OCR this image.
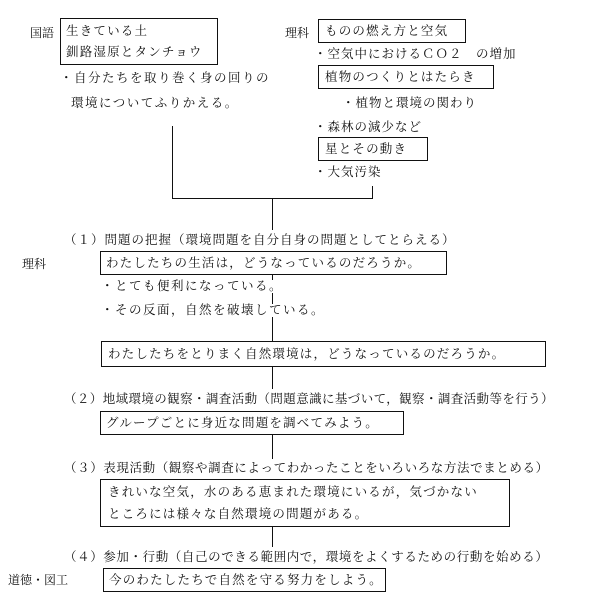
国語 生きている土
釧路湿原とタンチョウ
・自分たちを取り巻く身の回りの
環境についてふりかえる。
理科 ものの燃え方と空気
・空気中におけるＣＯ２　の増加
植物のつくりとはたらき
・植物と環境の関わり
・森林の減少など
星とその動き
・大気汚染
（１）問題の把握（環境問題を自分自身の問題としてとらえる）
理科	わたしたちの生活は，どうなっているのだろうか。
・とても便利になっている。
・その反面，自然を破壊している。
わたしたちをとりまく自然環境は，どうなっているのだろうか。
（２）地域環境の観察・調査活動（問題意識に基づいて，観察・調査活動等を行う）
グループごとに身近な問題を調べてみよう。
（３）表現活動（観察や調査によってわかったことをいろいろな方法でまとめる）
きれいな空気，水のある恵まれた環境にいるが，気づかない
ところには様々な自然環境の問題がある。
（４）参加・行動（自己のできる範囲内で，環境をよくするための行動を始める）
道徳・図工	今のわたしたちで自然を守る努力をしよう。
